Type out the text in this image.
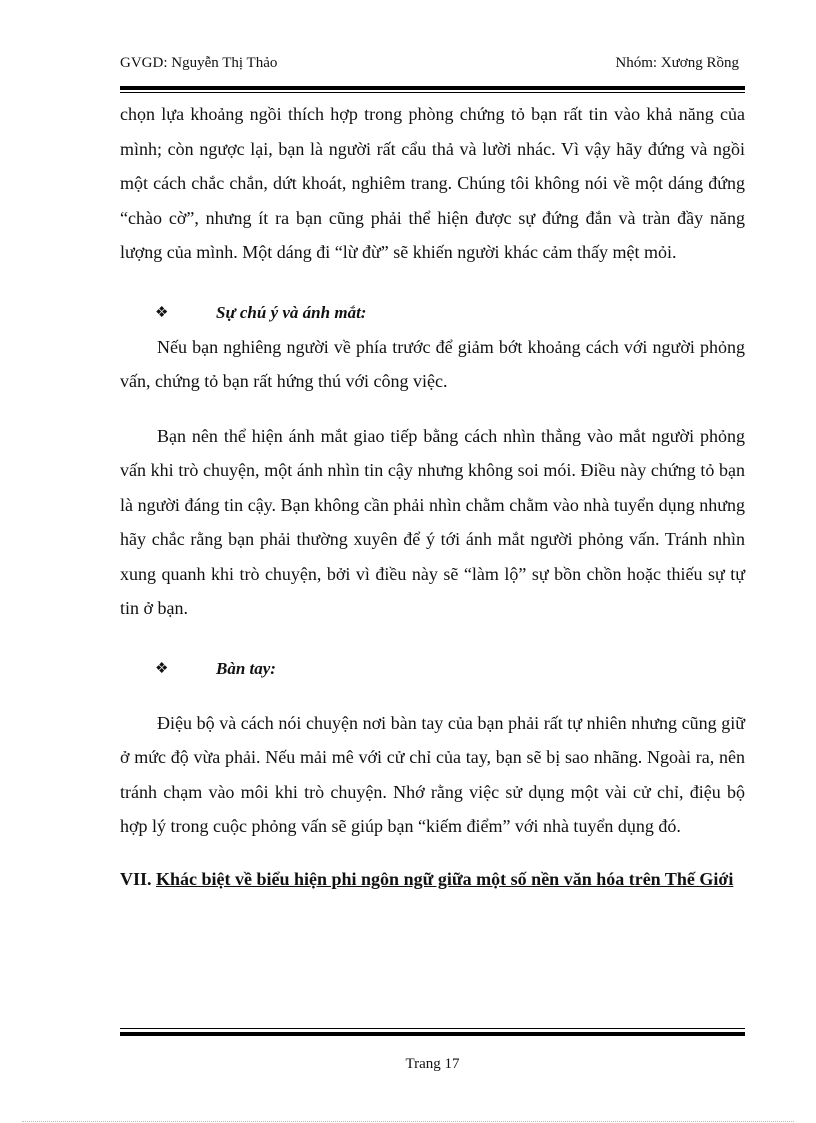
GVGD: Nguyễn Thị Thảo	Nhóm: Xương Rồng

chọn lựa khoảng ngồi thích hợp trong phòng chứng tỏ bạn rất tin vào khả năng của mình; còn ngược lại, bạn là người rất cẩu thả và lười nhác. Vì vậy hãy đứng và ngồi một cách chắc chắn, dứt khoát, nghiêm trang. Chúng tôi không nói về một dáng đứng “chào cờ”, nhưng ít ra bạn cũng phải thể hiện được sự đứng đắn và tràn đầy năng lượng của mình. Một dáng đi “lừ đừ” sẽ khiến người khác cảm thấy mệt mỏi.

❖	Sự chú ý và ánh mắt:

Nếu bạn nghiêng người về phía trước để giảm bớt khoảng cách với người phỏng vấn, chứng tỏ bạn rất hứng thú với công việc.

Bạn nên thể hiện ánh mắt giao tiếp bằng cách nhìn thẳng vào mắt người phỏng vấn khi trò chuyện, một ánh nhìn tin cậy nhưng không soi mói. Điều này chứng tỏ bạn là người đáng tin cậy. Bạn không cần phải nhìn chằm chằm vào nhà tuyển dụng nhưng hãy chắc rằng bạn phải thường xuyên để ý tới ánh mắt người phỏng vấn. Tránh nhìn xung quanh khi trò chuyện, bởi vì điều này sẽ “làm lộ” sự bồn chồn hoặc thiếu sự tự tin ở bạn.

❖	Bàn tay:

Điệu bộ và cách nói chuyện nơi bàn tay của bạn phải rất tự nhiên nhưng cũng giữ ở mức độ vừa phải. Nếu mải mê với cử chỉ của tay, bạn sẽ bị sao nhãng. Ngoài ra, nên tránh chạm vào môi khi trò chuyện. Nhớ rằng việc sử dụng một vài cử chỉ, điệu bộ hợp lý trong cuộc phỏng vấn sẽ giúp bạn “kiếm điểm” với nhà tuyển dụng đó.

VII. Khác biệt về biểu hiện phi ngôn ngữ giữa một số nền văn hóa trên Thế Giới
Trang 17
